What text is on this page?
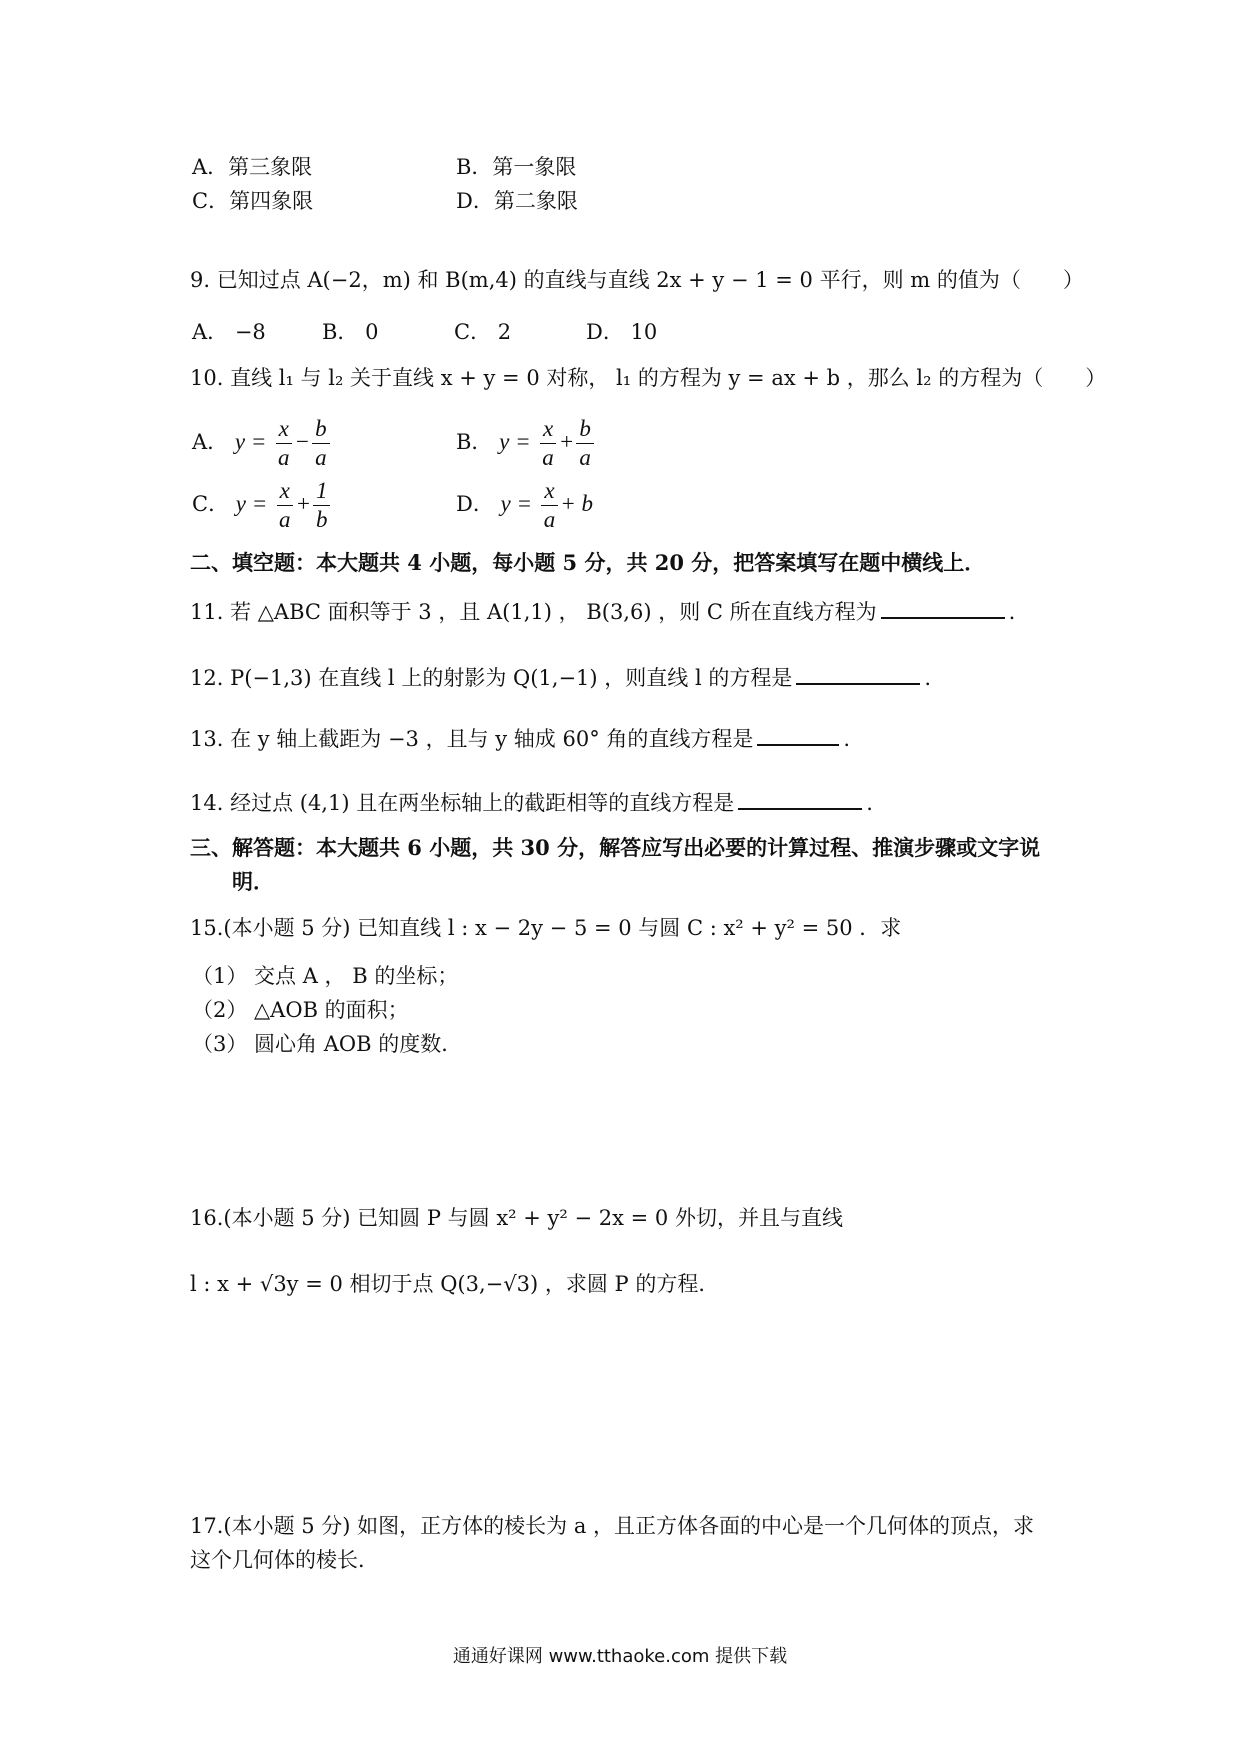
A．第三象限	B．第一象限
C．第四象限	D．第二象限
9. 已知过点 A(−2，m) 和 B(m,4) 的直线与直线 2x + y − 1 = 0 平行，则 m 的值为（　　）
A． −8	B． 0	C． 2	D． 10
10. 直线 l₁ 与 l₂ 关于直线 x + y = 0 对称， l₁ 的方程为 y = ax + b ，那么 l₂ 的方程为（　　）
A． $y = \frac{x}{a} - \frac{b}{a}$	B． $y = \frac{x}{a} + \frac{b}{a}$
C． $y = \frac{x}{a} + \frac{1}{b}$	D． $y = \frac{x}{a} + b$
二、填空题：本大题共 4 小题，每小题 5 分，共 20 分，把答案填写在题中横线上．
11. 若 △ABC 面积等于 3 ，且 A(1,1) ， B(3,6) ，则 C 所在直线方程为	.
12. P(−1,3) 在直线 l 上的射影为 Q(1,−1) ，则直线 l 的方程是	.
13. 在 y 轴上截距为 −3 ，且与 y 轴成 60° 角的直线方程是	.
14. 经过点 (4,1) 且在两坐标轴上的截距相等的直线方程是	.
三、解答题：本大题共 6 小题，共 30 分，解答应写出必要的计算过程、推演步骤或文字说
明．
15.(本小题 5 分) 已知直线 l : x − 2y − 5 = 0 与圆 C : x² + y² = 50 ．求
（1） 交点 A ， B 的坐标；
（2） △AOB 的面积；
（3） 圆心角 AOB 的度数．
16.(本小题 5 分) 已知圆 P 与圆 x² + y² − 2x = 0 外切，并且与直线
l : x + √3y = 0 相切于点 Q(3,−√3) ，求圆 P 的方程．
17.(本小题 5 分) 如图，正方体的棱长为 a ，且正方体各面的中心是一个几何体的顶点，求
这个几何体的棱长．
通通好课网 www.tthaoke.com 提供下载
